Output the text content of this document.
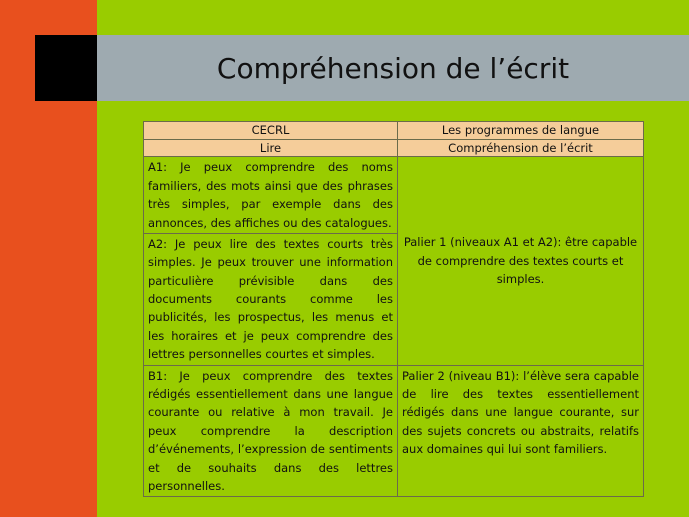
Compréhension de l’écrit
CECRL	Les programmes de langue
Lire	Compréhension de l’écrit
A1: Je peux comprendre des noms familiers, des mots ainsi que des phrases très simples, par exemple dans des annonces, des affiches ou des catalogues.	Palier 1 (niveaux A1 et A2): être capable de comprendre des textes courts et simples.
A2: Je peux lire des textes courts très simples. Je peux trouver une information particulière prévisible dans des documents courants comme les publicités, les prospectus, les menus et les horaires et je peux comprendre des lettres personnelles courtes et simples.	
B1: Je peux comprendre des textes rédigés essentiellement dans une langue courante ou relative à mon travail. Je peux comprendre la description d’événements, l’expression de sentiments et de souhaits dans des lettres personnelles.	Palier 2 (niveau B1): l’élève sera capable de lire des textes essentiellement rédigés dans une langue courante, sur des sujets concrets ou abstraits, relatifs aux domaines qui lui sont familiers.
